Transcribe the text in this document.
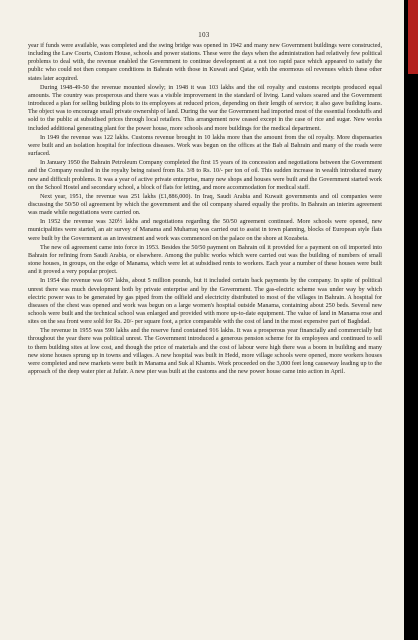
103

year if funds were available, was completed and the swing bridge was opened in 1942 and many new Government buildings were constructed, including the Law Courts, Custom House, schools and power stations. These were the days when the administration had relatively few political problems to deal with, the revenue enabled the Government to continue development at a not too rapid pace which appeared to satisfy the public who could not then compare conditions in Bahrain with those in Kuwait and Qatar, with the enormous oil revenues which these other states later acquired.

During 1948-49-50 the revenue mounted slowly; in 1948 it was 103 lakhs and the oil royalty and customs receipts produced equal amounts. The country was prosperous and there was a visible improvement in the standard of living. Land values soared and the Government introduced a plan for selling building plots to its employees at reduced prices, depending on their length of service; it also gave building loans. The object was to encourage small private ownership of land. During the war the Government had imported most of the essential foodstuffs and sold to the public at subsidised prices through local retailers. This arrangement now ceased except in the case of rice and sugar. New works included additional generating plant for the power house, more schools and more buildings for the medical department.

In 1949 the revenue was 122 lakhs. Customs revenue brought in 10 lakhs more than the amount from the oil royalty. More dispensaries were built and an isolation hospital for infectious diseases. Work was begun on the offices at the Bab al Bahrain and many of the roads were surfaced.

In January 1950 the Bahrain Petroleum Company completed the first 15 years of its concession and negotiations between the Government and the Company resulted in the royalty being raised from Rs. 3/8 to Rs. 10/- per ton of oil. This sudden increase in wealth introduced many new and difficult problems. It was a year of active private enterprise, many new shops and houses were built and the Government started work on the School Hostel and secondary school, a block of flats for letting, and more accommodation for medical staff.

Next year, 1951, the revenue was 251 lakhs (£1,886,000). In Iraq, Saudi Arabia and Kuwait governments and oil companies were discussing the 50/50 oil agreement by which the government and the oil company shared equally the profits. In Bahrain an interim agreement was made while negotiations were carried on.

In 1952 the revenue was 320½ lakhs and negotiations regarding the 50/50 agreement continued. More schools were opened, new municipalities were started, an air survey of Manama and Muharraq was carried out to assist in town planning, blocks of European style flats were built by the Government as an investment and work was commenced on the palace on the shore at Kozabeia.

The new oil agreement came into force in 1953. Besides the 50/50 payment on Bahrain oil it provided for a payment on oil imported into Bahrain for refining from Saudi Arabia, or elsewhere. Among the public works which were carried out was the building of numbers of small stone houses, in groups, on the edge of Manama, which were let at subsidised rents to workers. Each year a number of these houses were built and it proved a very popular project.

In 1954 the revenue was 667 lakhs, about 5 million pounds, but it included certain back payments by the company. In spite of political unrest there was much development both by private enterprise and by the Government. The gas-electric scheme was under way by which electric power was to be generated by gas piped from the oilfield and electricity distributed to most of the villages in Bahrain. A hospital for diseases of the chest was opened and work was begun on a large women's hospital outside Manama, containing about 250 beds. Several new schools were built and the technical school was enlarged and provided with more up-to-date equipment. The value of land in Manama rose and sites on the sea front were sold for Rs. 20/- per square foot, a price comparable with the cost of land in the most expensive part of Baghdad.

The revenue in 1955 was 590 lakhs and the reserve fund contained 916 lakhs. It was a prosperous year financially and commercially but throughout the year there was political unrest. The Government introduced a generous pension scheme for its employees and continued to sell to them building sites at low cost, and though the price of materials and the cost of labour were high there was a boom in building and many new stone houses sprung up in towns and villages. A new hospital was built in Hedd, more village schools were opened, more workers houses were completed and new markets were built in Manama and Suk al Khamis. Work proceeded on the 3,000 feet long causeway leading up to the approach of the deep water pier at Jufair. A new pier was built at the customs and the new power house came into action in April.
